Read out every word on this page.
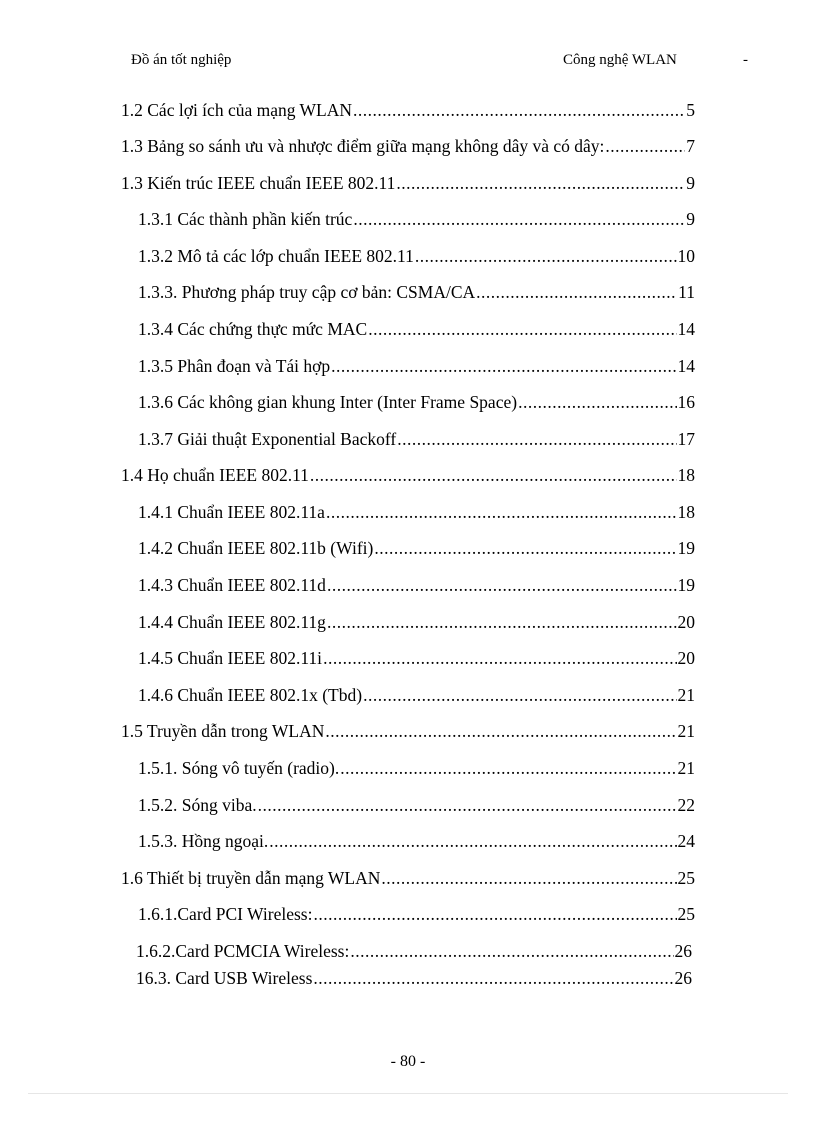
Đồ án tốt nghiệp	Công nghệ WLAN	-
1.2 Các lợi ích của mạng WLAN .....	5
1.3 Bảng so sánh ưu và nhược điểm giữa mạng không dây và có dây: .....	7
1.3 Kiến trúc IEEE chuẩn IEEE 802.11 .....	9
1.3.1 Các thành phần kiến trúc .....	9
1.3.2 Mô tả các lớp chuẩn IEEE 802.11 .....	10
1.3.3. Phương pháp truy cập cơ bản: CSMA/CA .....	11
1.3.4 Các chứng thực mức MAC .....	14
1.3.5 Phân đoạn và Tái hợp .....	14
1.3.6 Các không gian khung Inter (Inter Frame Space) .....	16
1.3.7 Giải thuật Exponential Backoff .....	17
1.4 Họ chuẩn IEEE 802.11 .....	18
1.4.1 Chuẩn IEEE 802.11a .....	18
1.4.2 Chuẩn IEEE 802.11b (Wifi) .....	19
1.4.3 Chuẩn IEEE 802.11d .....	19
1.4.4 Chuẩn IEEE 802.11g .....	20
1.4.5 Chuẩn IEEE 802.11i .....	20
1.4.6 Chuẩn IEEE 802.1x (Tbd) .....	21
1.5 Truyền dẫn trong WLAN .....	21
1.5.1. Sóng vô tuyến (radio). .....	21
1.5.2. Sóng viba. .....	22
1.5.3. Hồng ngoại. .....	24
1.6 Thiết bị truyền dẫn mạng WLAN .....	25
1.6.1.Card PCI Wireless: .....	25
1.6.2.Card PCMCIA Wireless: .....	26
16.3. Card USB Wireless .....	26
- 80 -
